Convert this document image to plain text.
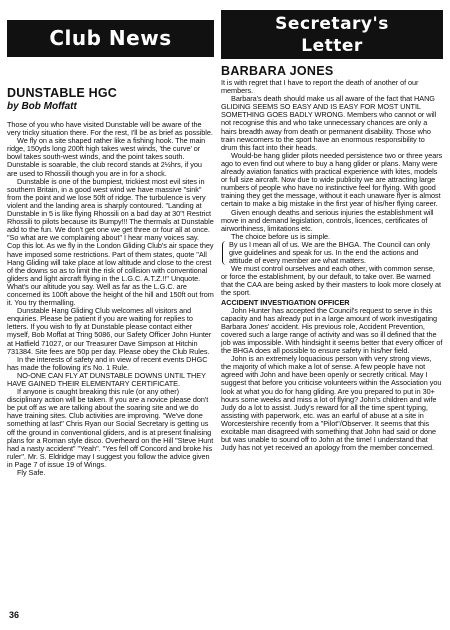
Club News
DUNSTABLE HGC
by Bob Moffatt

Those of you who have visited Dunstable will be aware of the very tricky situation there. For the rest, I'll be as brief as possible.

We fly on a site shaped rather like a fishing hook. The main ridge, 150yds long 200ft high takes west winds, 'the curve' or bowl takes south-west winds, and the point takes south. Dunstable is soarable, the club record stands at 2½hrs, if you are used to Rhossili though you are in for a shock.

Dunstable is one of the bumpiest, trickiest most evil sites in southern Britain, in a good west wind we have massive "sink" from the point and we lose 50ft of ridge. The turbulence is very violent and the landing area is sharply contoured. "Landing at Dunstable in 5 is like flying Rhossili on a bad day at 30"! Restrict Rhossili to pilots because its Bumpy!!! The thermals at Dunstable add to the fun. We don't get one we get three or four all at once. "So what are we complaining about" I hear many voices say. Cop this lot. As we fly in the London Gliding Club's air space they have imposed some restrictions. Part of them states, quote "All Hang Gliding will take place at low altitude and close to the crest of the downs so as to limit the risk of collision with conventional gliders and light aircraft flying in the L.G.C. A.T.Z.!!" Unquote. What's our altitude you say. Well as far as the L.G.C. are concerned its 100ft above the height of the hill and 150ft out from it. You try thermalling.

Dunstable Hang Gliding Club welcomes all visitors and enquiries. Please be patient if you are waiting for replies to letters. If you wish to fly at Dunstable please contact either myself, Bob Moffat at Tring 5086, our Safety Officer John Hunter at Hatfield 71027, or our Treasurer Dave Simpson at Hitchin 731384. Site fees are 50p per day. Please obey the Club Rules.

In the interests of safety and in view of recent events DHGC has made the following it's No. 1 Rule.

NO-ONE CAN FLY AT DUNSTABLE DOWNS UNTIL THEY HAVE GAINED THEIR ELEMENTARY CERTIFICATE.

If anyone is caught breaking this rule (or any other) disciplinary action will be taken. If you are a novice please don't be put off as we are talking about the soaring site and we do have training sites. Club activities are improving. "We've done something at last" Chris Ryan our Social Secretary is getting us off the ground in conventional gliders, and is at present finalising plans for a Roman style disco. Overheard on the Hill "Steve Hunt had a nasty accident" "Yeah". "Yes fell off Concord and broke his ruler". Mr. S. Eldridge may I suggest you follow the advice given in Page 7 of issue 19 of Wings.

Fly Safe.

36
Secretary's
Letter
BARBARA JONES

It is with regret that I have to report the death of another of our members.

Barbara's death should make us all aware of the fact that HANG GLIDING SEEMS SO EASY AND IS EASY FOR MOST UNTIL SOMETHING GOES BADLY WRONG. Members who cannot or will not recognise this and who take unnecessary chances are only a hairs breadth away from death or permanent disability. Those who train newcomers to the sport have an enormous responsibility to drum this fact into their heads.

Would-be hang glider pilots needed persistence two or three years ago to even find out where to buy a hang glider or plans. Many were already aviation fanatics with practical experience with kites, models or full size aircraft. Now due to wide publicity we are attracting large numbers of people who have no instinctive feel for flying. With good training they get the message, without it each unaware flyer is almost certain to make a big mistake in the first year of his/her flying career.

Given enough deaths and serious injuries the establishment will move in and demand legislation, controls, licences, certificates of airworthiness, limitations etc.

The choice before us is simple.

By us I mean all of us. We are the BHGA. The Council can only give guidelines and speak for us. In the end the actions and attitude of every member are what matters.

We must control ourselves and each other, with common sense, or force the establishment, by our default, to take over. Be warned that the CAA are being asked by their masters to look more closely at the sport.

ACCIDENT INVESTIGATION OFFICER

John Hunter has accepted the Council's request to serve in this capacity and has already put in a large amount of work investigating Barbara Jones' accident. His previous role, Accident Prevention, covered such a large range of activity and was so ill defined that the job was impossible. With hindsight it seems better that every officer of the BHGA does all possible to ensure safety in his/her field.

John is an extremely loquacious person with very strong views, the majority of which make a lot of sense. A few people have not agreed with John and have been openly or secretly critical. May I suggest that before you criticise volunteers within the Association you look at what you do for hang gliding. Are you prepared to put in 30+ hours some weeks and miss a lot of flying? John's children and wife Judy do a lot to assist. Judy's reward for all the time spent typing, assisting with paperwork, etc. was an earful of abuse at a site in Worcestershire recently from a "Pilot"/Observer. It seems that this excitable man disagreed with something that John had said or done but was unable to sound off to John at the time! I understand that Judy has not yet received an apology from the member concerned.
